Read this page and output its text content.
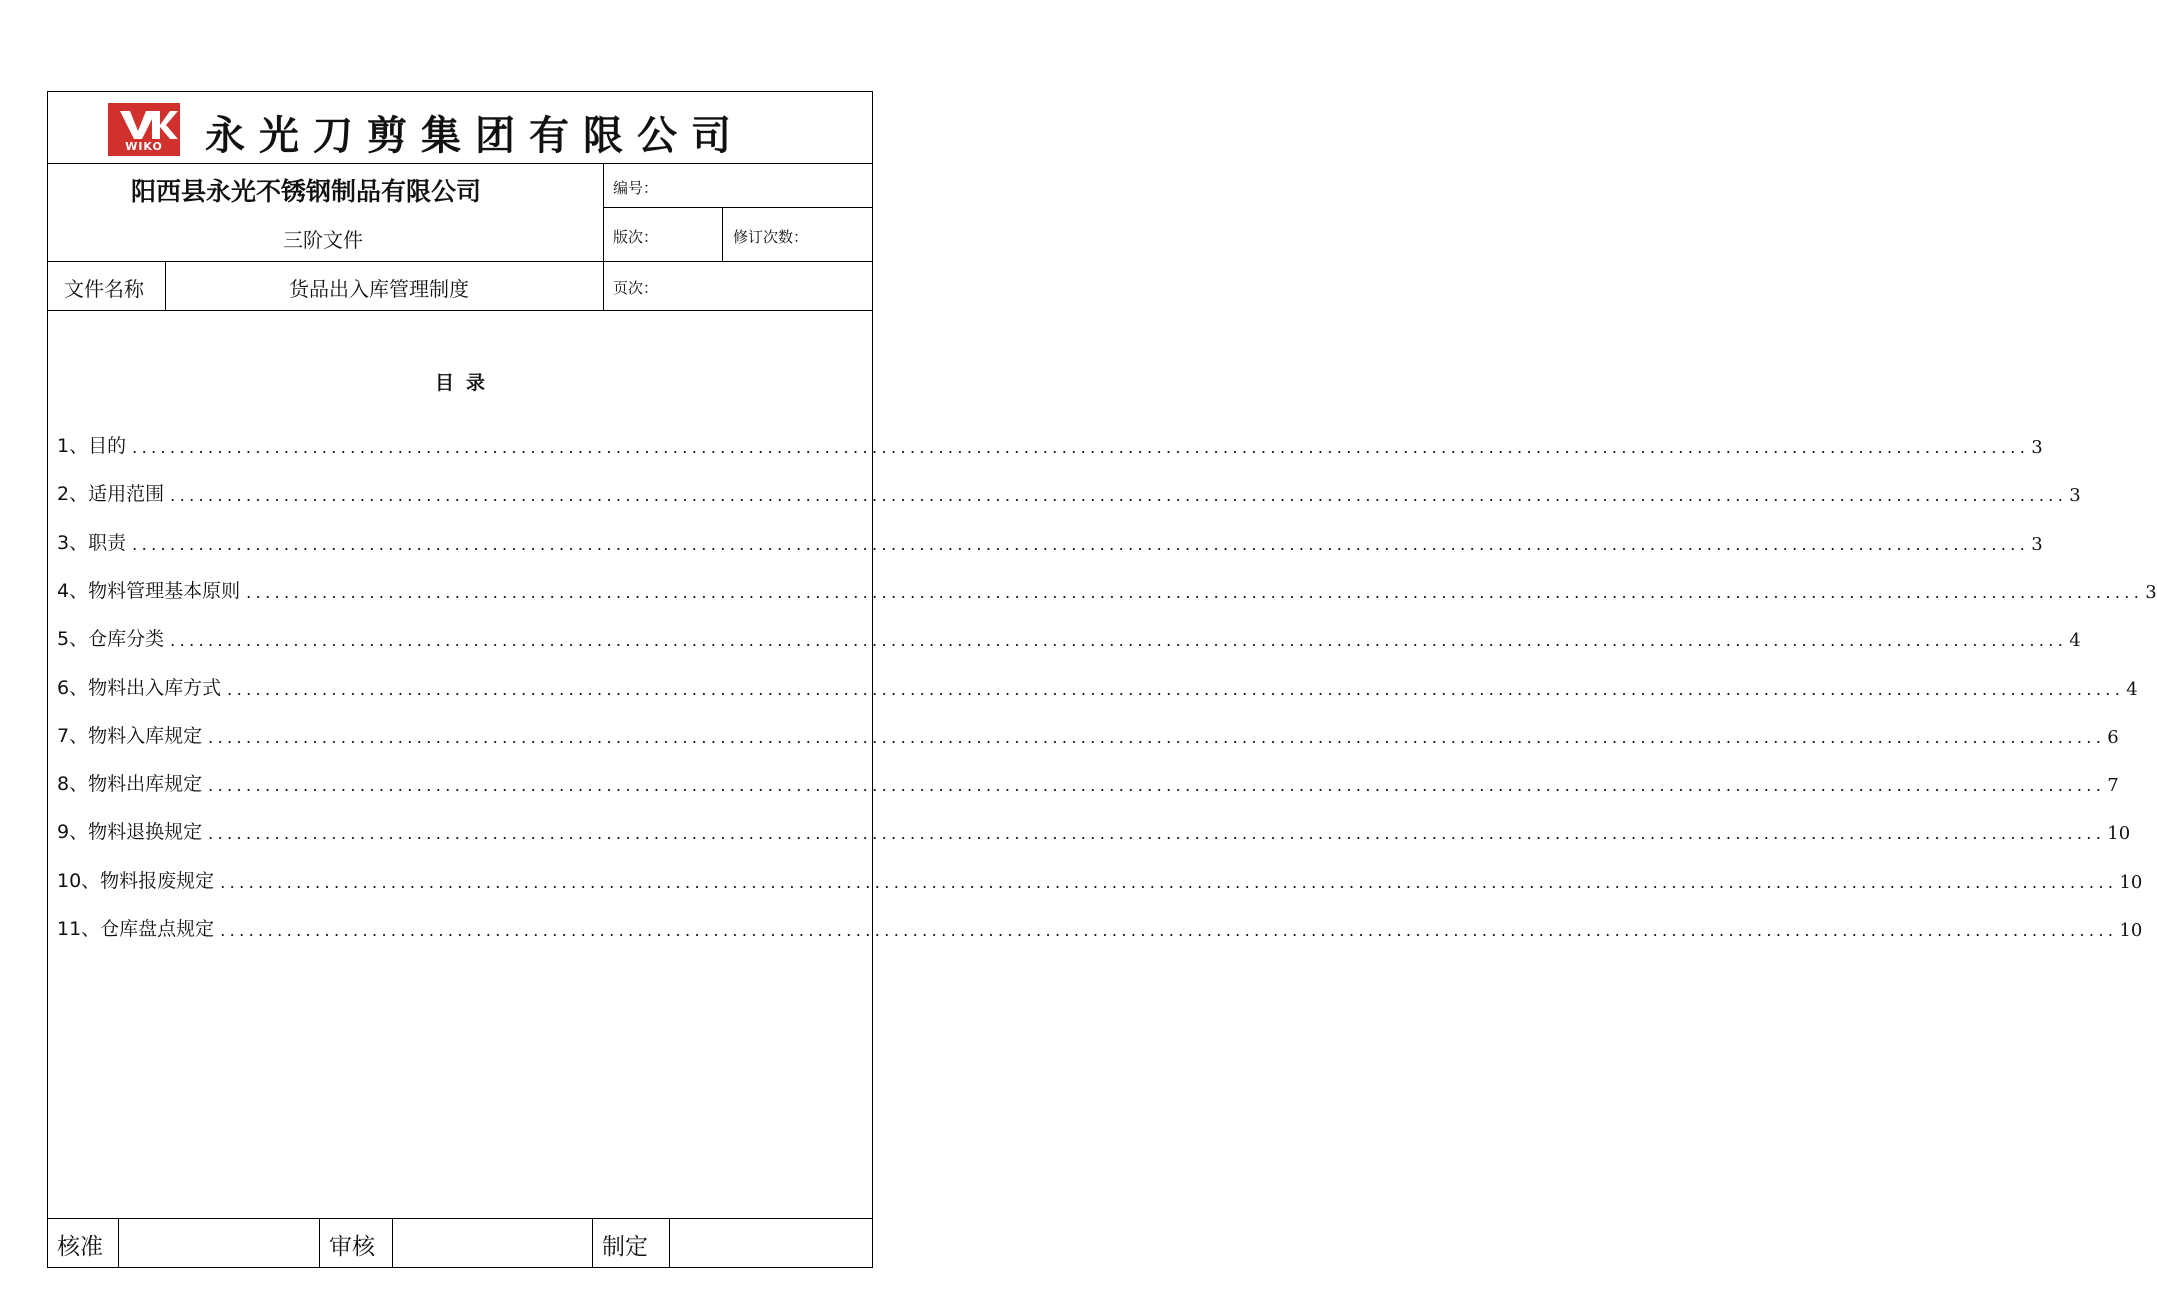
WIKO	永光刀剪集团有限公司
阳西县永光不锈钢制品有限公司	编号：
三阶文件	版次：	修订次数：
文件名称	货品出入库管理制度	页次：
目录
1、目的 ........................................................................................................................................................................................................ 3
2、适用范围 ........................................................................................................................................................................................................ 3
3、职责 ........................................................................................................................................................................................................ 3
4、物料管理基本原则 ........................................................................................................................................................................................................ 3
5、仓库分类 ........................................................................................................................................................................................................ 4
6、物料出入库方式 ........................................................................................................................................................................................................ 4
7、物料入库规定 ........................................................................................................................................................................................................ 6
8、物料出库规定 ........................................................................................................................................................................................................ 7
9、物料退换规定 ........................................................................................................................................................................................................ 10
10、物料报废规定 ........................................................................................................................................................................................................ 10
11、仓库盘点规定 ........................................................................................................................................................................................................ 10
核准	审核	制定
